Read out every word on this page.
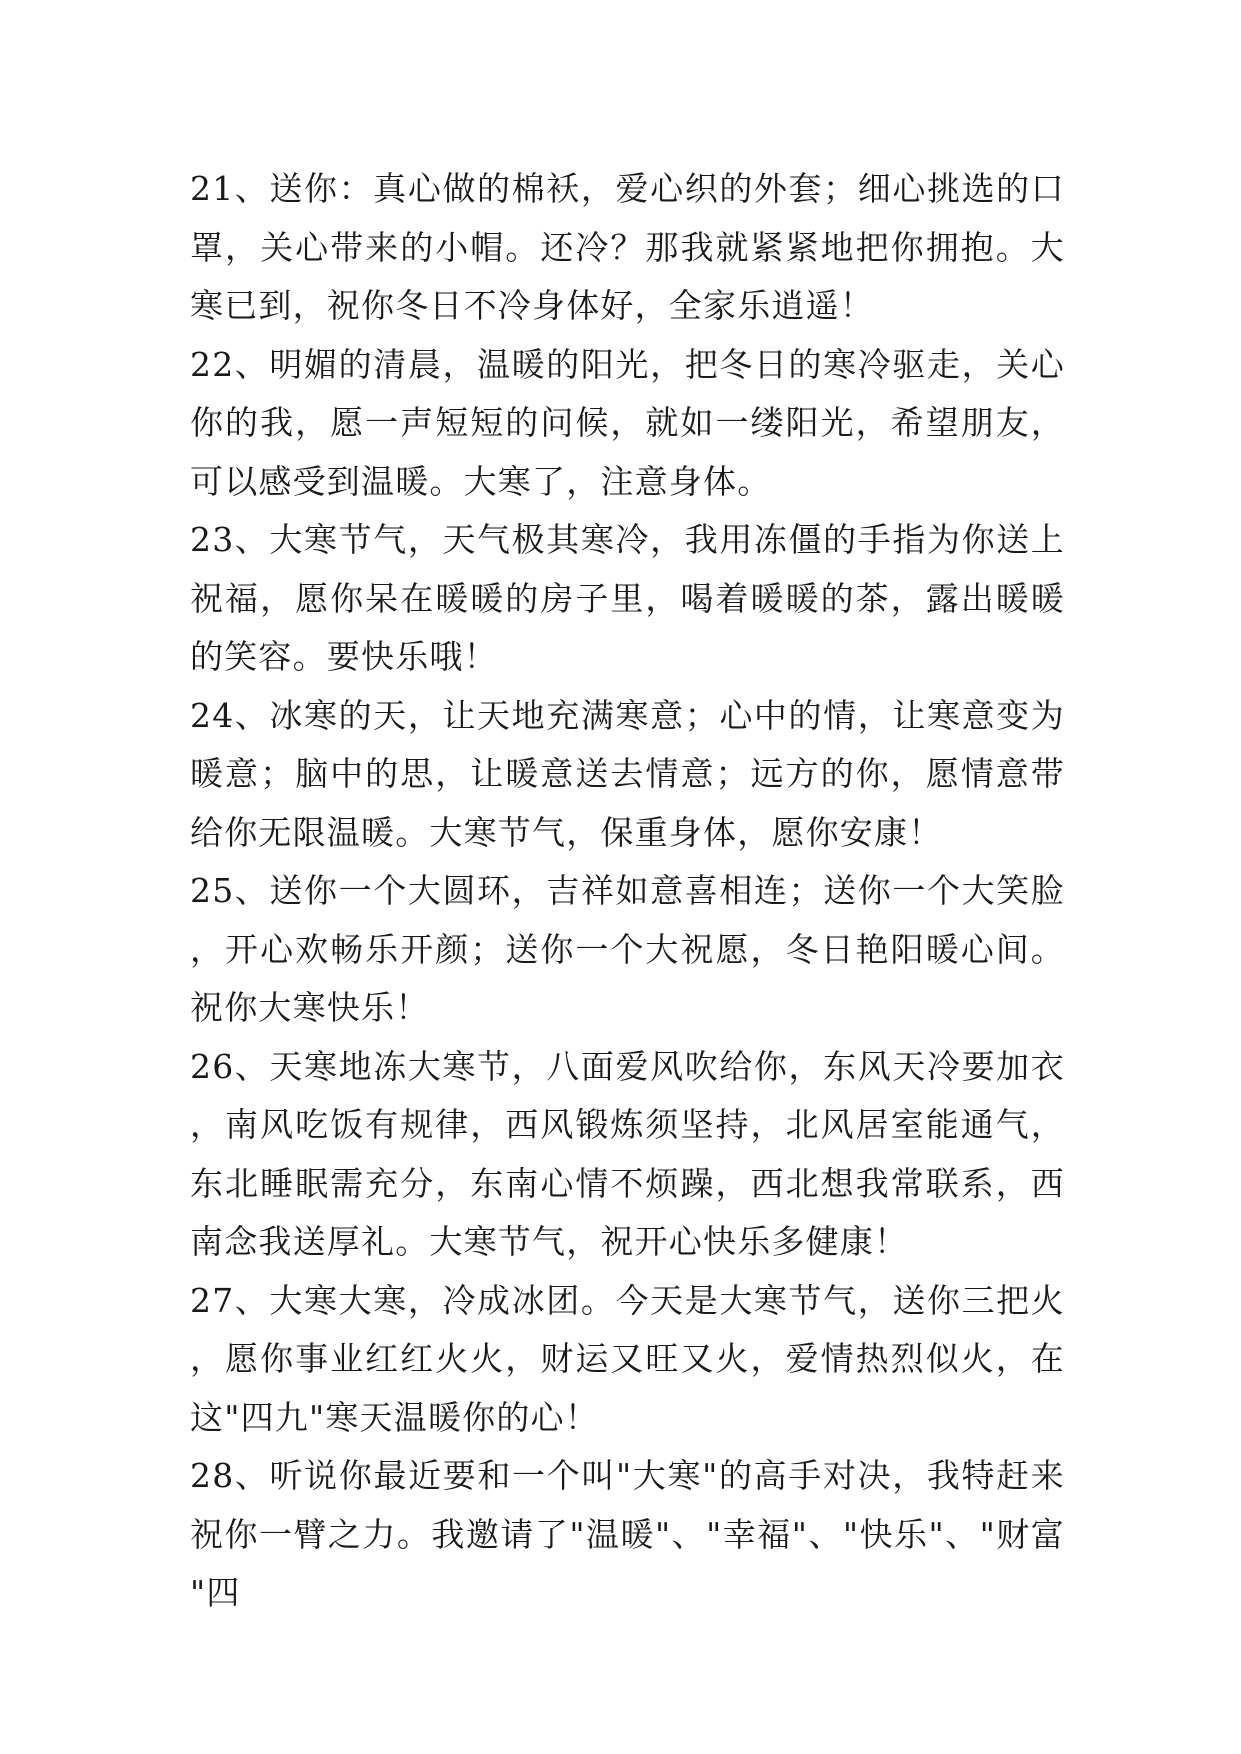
21、送你：真心做的棉袄，爱心织的外套；细心挑选的口罩，关心带来的小帽。还冷？那我就紧紧地把你拥抱。大寒已到，祝你冬日不冷身体好，全家乐逍遥！

22、明媚的清晨，温暖的阳光，把冬日的寒冷驱走，关心你的我，愿一声短短的问候，就如一缕阳光，希望朋友，可以感受到温暖。大寒了，注意身体。

23、大寒节气，天气极其寒冷，我用冻僵的手指为你送上祝福，愿你呆在暖暖的房子里，喝着暖暖的茶，露出暖暖的笑容。要快乐哦！

24、冰寒的天，让天地充满寒意；心中的情，让寒意变为暖意；脑中的思，让暖意送去情意；远方的你，愿情意带给你无限温暖。大寒节气，保重身体，愿你安康！

25、送你一个大圆环，吉祥如意喜相连；送你一个大笑脸，开心欢畅乐开颜；送你一个大祝愿，冬日艳阳暖心间。祝你大寒快乐！

26、天寒地冻大寒节，八面爱风吹给你，东风天冷要加衣，南风吃饭有规律，西风锻炼须坚持，北风居室能通气，东北睡眠需充分，东南心情不烦躁，西北想我常联系，西南念我送厚礼。大寒节气，祝开心快乐多健康！

27、大寒大寒，冷成冰团。今天是大寒节气，送你三把火，愿你事业红红火火，财运又旺又火，爱情热烈似火，在这"四九"寒天温暖你的心！

28、听说你最近要和一个叫"大寒"的高手对决，我特赶来祝你一臂之力。我邀请了"温暖"、"幸福"、"快乐"、"财富"四
